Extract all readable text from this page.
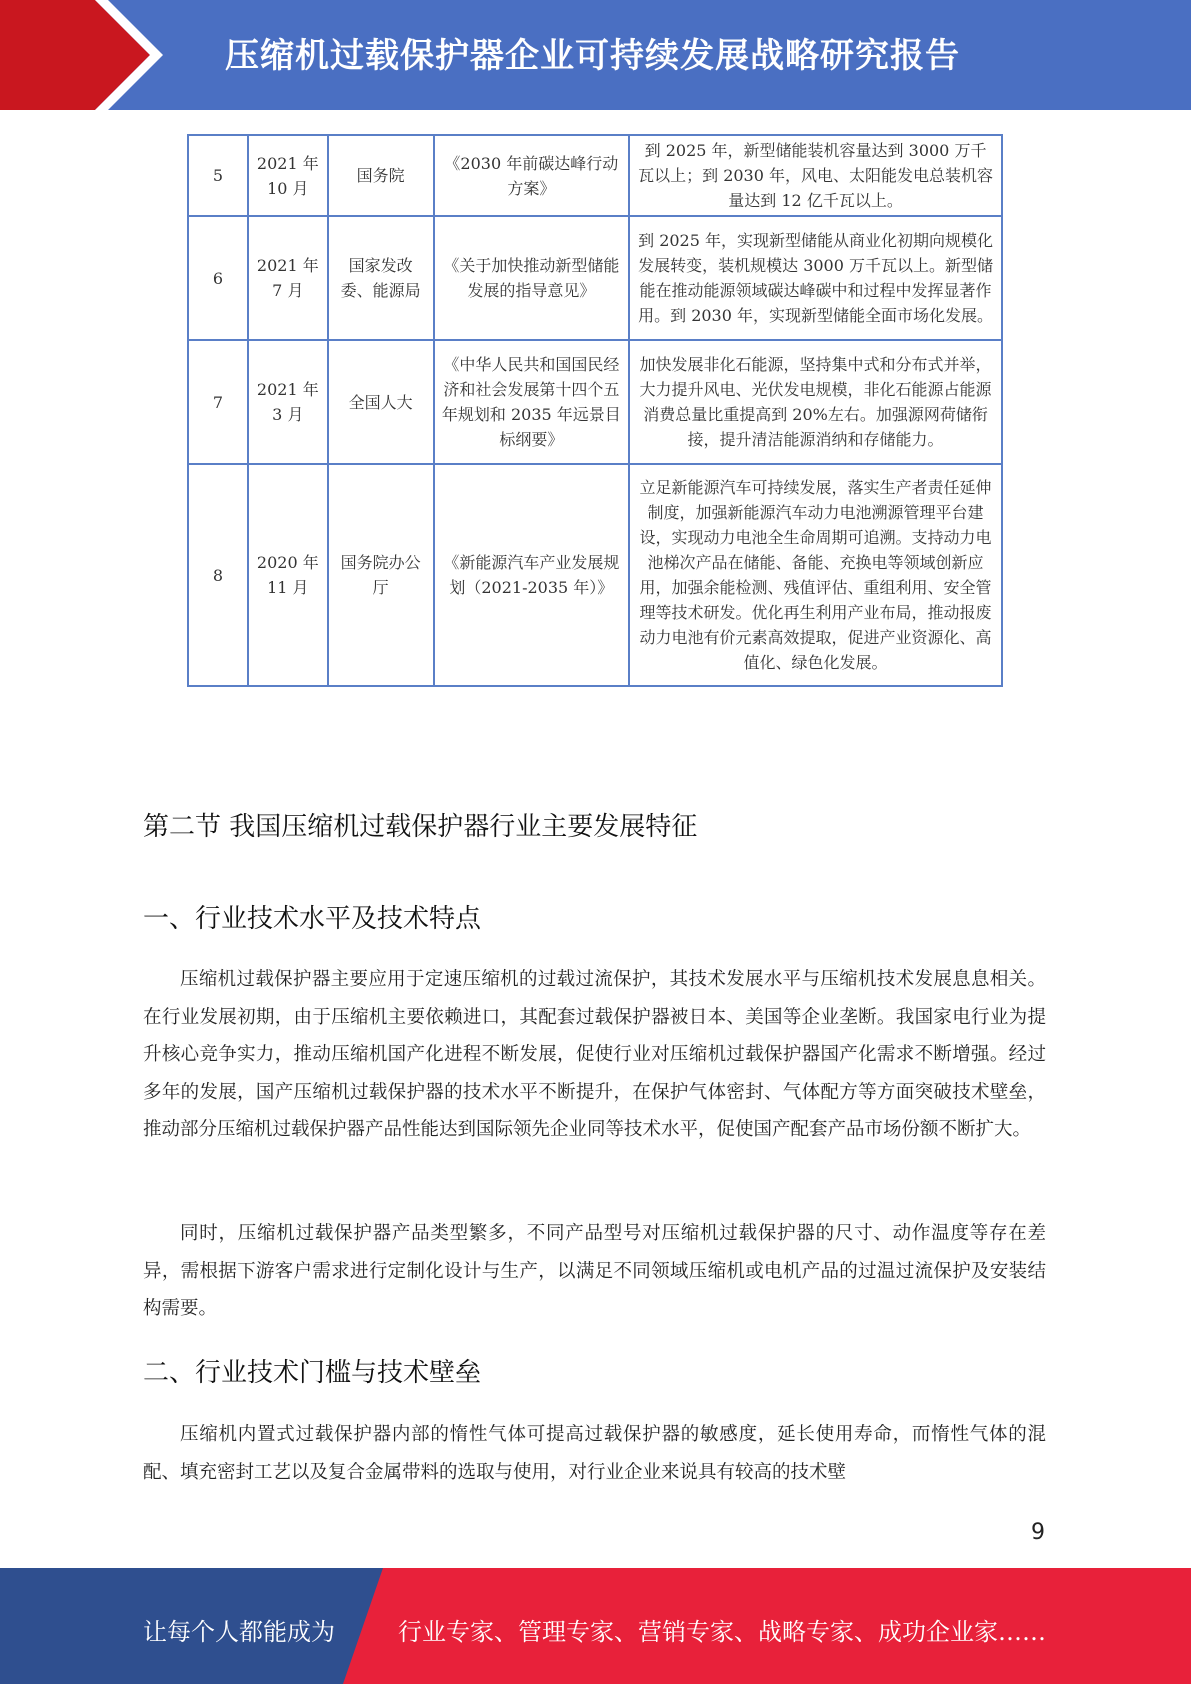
压缩机过载保护器企业可持续发展战略研究报告
5	2021 年 10 月	国务院	《2030 年前碳达峰行动方案》	到 2025 年，新型储能装机容量达到 3000 万千瓦以上；到 2030 年，风电、太阳能发电总装机容量达到 12 亿千瓦以上。
6	2021 年 7 月	国家发改委、能源局	《关于加快推动新型储能发展的指导意见》	到 2025 年，实现新型储能从商业化初期向规模化发展转变，装机规模达 3000 万千瓦以上。新型储能在推动能源领域碳达峰碳中和过程中发挥显著作用。到 2030 年，实现新型储能全面市场化发展。
7	2021 年 3 月	全国人大	《中华人民共和国国民经济和社会发展第十四个五年规划和 2035 年远景目标纲要》	加快发展非化石能源，坚持集中式和分布式并举，大力提升风电、光伏发电规模，非化石能源占能源消费总量比重提高到 20%左右。加强源网荷储衔接，提升清洁能源消纳和存储能力。
8	2020 年 11 月	国务院办公厅	《新能源汽车产业发展规划（2021-2035 年）》	立足新能源汽车可持续发展，落实生产者责任延伸制度，加强新能源汽车动力电池溯源管理平台建设，实现动力电池全生命周期可追溯。支持动力电池梯次产品在储能、备能、充换电等领域创新应用，加强余能检测、残值评估、重组利用、安全管理等技术研发。优化再生利用产业布局，推动报废动力电池有价元素高效提取，促进产业资源化、高值化、绿色化发展。
第二节 我国压缩机过载保护器行业主要发展特征
一、行业技术水平及技术特点

压缩机过载保护器主要应用于定速压缩机的过载过流保护，其技术发展水平与压缩机技术发展息息相关。在行业发展初期，由于压缩机主要依赖进口，其配套过载保护器被日本、美国等企业垄断。我国家电行业为提升核心竞争实力，推动压缩机国产化进程不断发展，促使行业对压缩机过载保护器国产化需求不断增强。经过多年的发展，国产压缩机过载保护器的技术水平不断提升，在保护气体密封、气体配方等方面突破技术壁垒，推动部分压缩机过载保护器产品性能达到国际领先企业同等技术水平，促使国产配套产品市场份额不断扩大。

同时，压缩机过载保护器产品类型繁多，不同产品型号对压缩机过载保护器的尺寸、动作温度等存在差异，需根据下游客户需求进行定制化设计与生产，以满足不同领域压缩机或电机产品的过温过流保护及安装结构需要。

二、行业技术门槛与技术壁垒

压缩机内置式过载保护器内部的惰性气体可提高过载保护器的敏感度，延长使用寿命，而惰性气体的混配、填充密封工艺以及复合金属带料的选取与使用，对行业企业来说具有较高的技术壁

9
让每个人都能成为	行业专家、管理专家、营销专家、战略专家、成功企业家……
